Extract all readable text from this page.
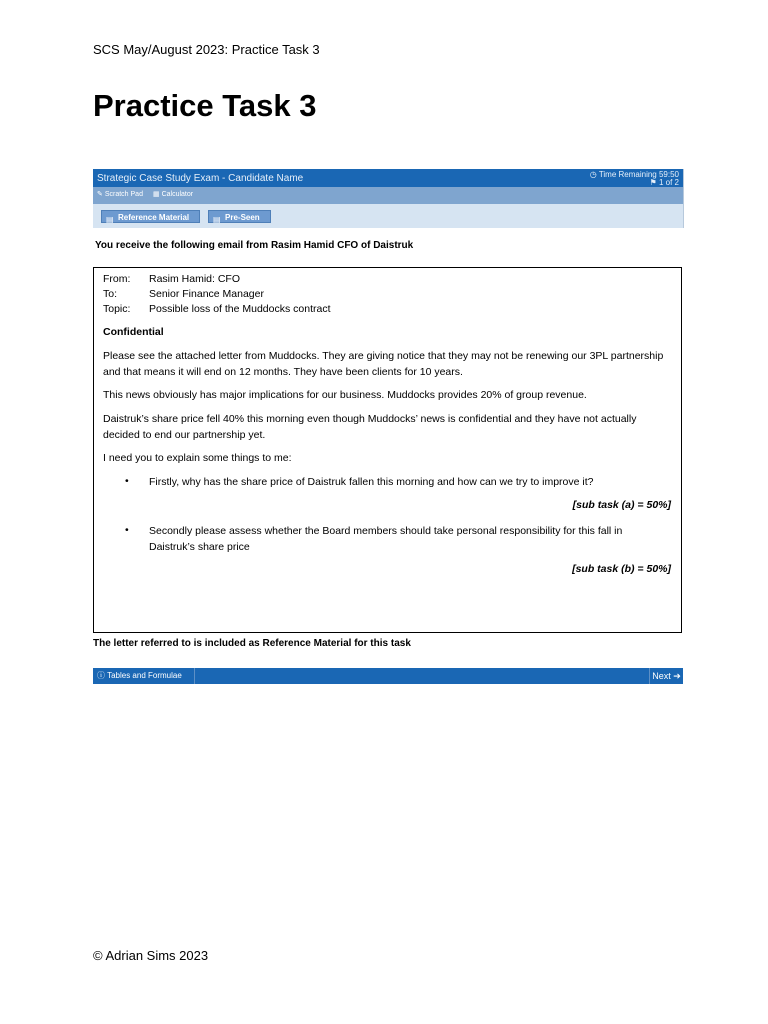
SCS May/August 2023: Practice Task 3
Practice Task 3
Strategic Case Study Exam - Candidate Name	◷ Time Remaining 59:50
⚑ 1 of 2
✎ Scratch Pad ▦ Calculator
▤ Reference Material	▤ Pre-Seen
You receive the following email from Rasim Hamid CFO of Daistruk
From: Rasim Hamid: CFO
To:	Senior Finance Manager
Topic: Possible loss of the Muddocks contract
Confidential
Please see the attached letter from Muddocks. They are giving notice that they may not be renewing our 3PL partnership and that means it will end on 12 months. They have been clients for 10 years.
This news obviously has major implications for our business. Muddocks provides 20% of group revenue.
Daistruk’s share price fell 40% this morning even though Muddocks’ news is confidential and they have not actually decided to end our partnership yet.
I need you to explain some things to me:
• Firstly, why has the share price of Daistruk fallen this morning and how can we try to improve it?
[sub task (a) = 50%]
• Secondly please assess whether the Board members should take personal responsibility for this fall in Daistruk’s share price
[sub task (b) = 50%]
The letter referred to is included as Reference Material for this task
ⓘ Tables and Formulae	Next ➔
© Adrian Sims 2023
